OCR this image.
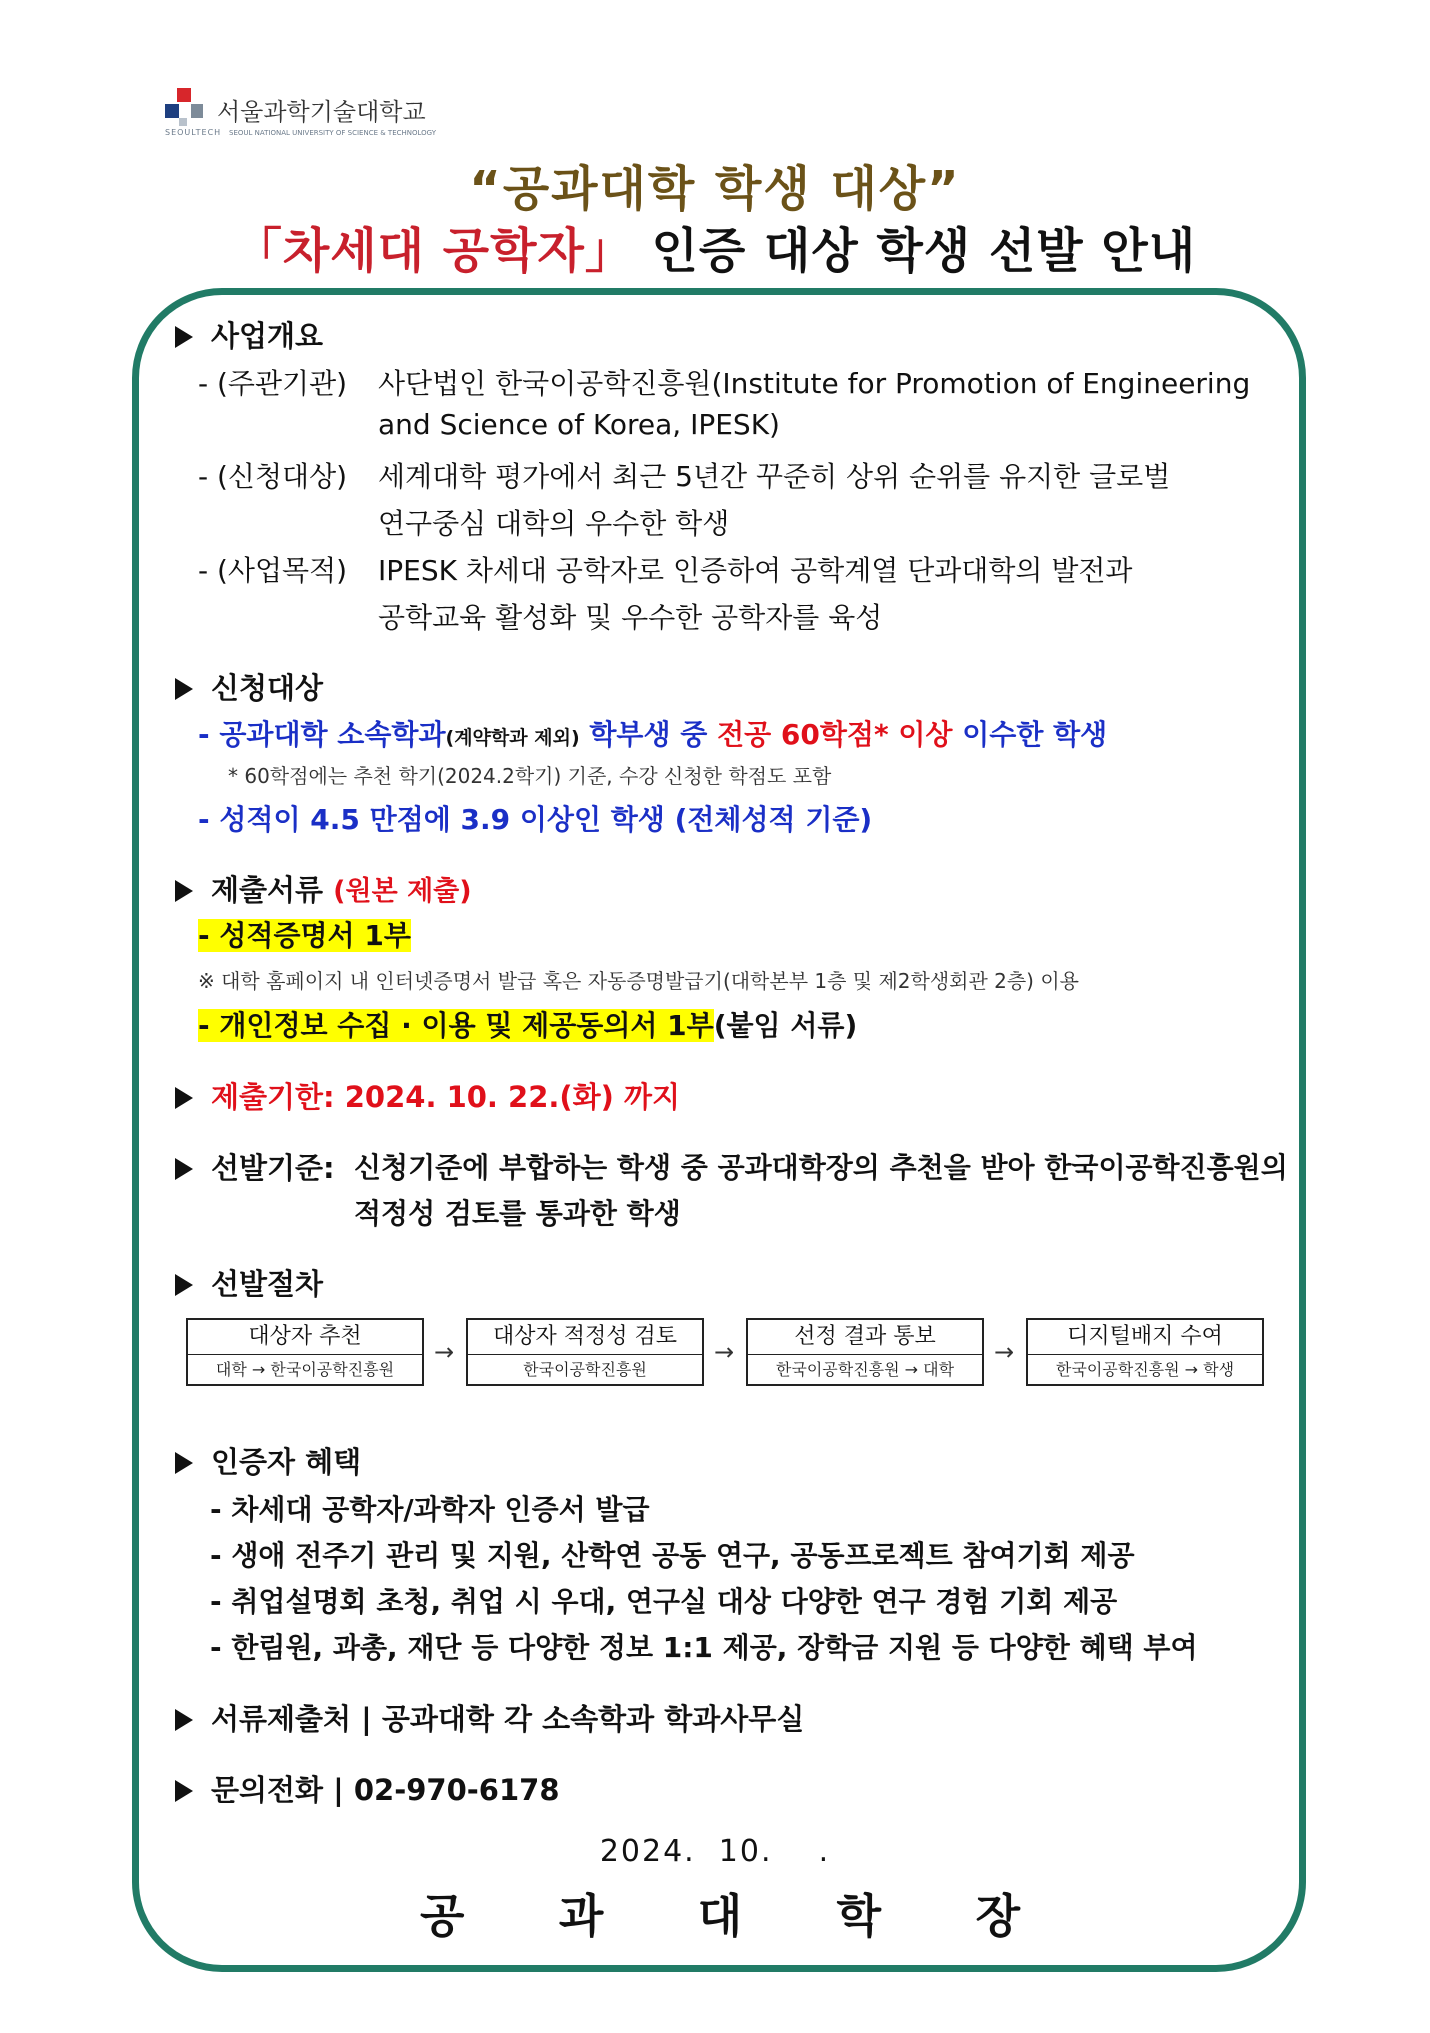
서울과학기술대학교
SEOULTECH SEOUL NATIONAL UNIVERSITY OF SCIENCE & TECHNOLOGY
“공과대학 학생 대상”
「차세대 공학자」 인증 대상 학생 선발 안내
사업개요
- (주관기관) 사단법인 한국이공학진흥원(Institute for Promotion of Engineering
and Science of Korea, IPESK)
- (신청대상) 세계대학 평가에서 최근 5년간 꾸준히 상위 순위를 유지한 글로벌
연구중심 대학의 우수한 학생
- (사업목적) IPESK 차세대 공학자로 인증하여 공학계열 단과대학의 발전과
공학교육 활성화 및 우수한 공학자를 육성
신청대상
- 공과대학 소속학과(계약학과 제외) 학부생 중 전공 60학점* 이상 이수한 학생
* 60학점에는 추천 학기(2024.2학기) 기준, 수강 신청한 학점도 포함
- 성적이 4.5 만점에 3.9 이상인 학생 (전체성적 기준)
제출서류 (원본 제출)
- 성적증명서 1부
※ 대학 홈페이지 내 인터넷증명서 발급 혹은 자동증명발급기(대학본부 1층 및 제2학생회관 2층) 이용
- 개인정보 수집 · 이용 및 제공동의서 1부(붙임 서류)
제출기한: 2024. 10. 22.(화) 까지
선발기준: 신청기준에 부합하는 학생 중 공과대학장의 추천을 받아 한국이공학진흥원의
적정성 검토를 통과한 학생
선발절차
대상자 추천
대학 → 한국이공학진흥원
→
대상자 적정성 검토
한국이공학진흥원
→
선정 결과 통보
한국이공학진흥원 → 대학
→
디지털배지 수여
한국이공학진흥원 → 학생
인증자 혜택
- 차세대 공학자/과학자 인증서 발급
- 생애 전주기 관리 및 지원, 산학연 공동 연구, 공동프로젝트 참여기회 제공
- 취업설명회 초청, 취업 시 우대, 연구실 대상 다양한 연구 경험 기회 제공
- 한림원, 과총, 재단 등 다양한 정보 1:1 제공, 장학금 지원 등 다양한 혜택 부여
서류제출처 | 공과대학 각 소속학과 학과사무실
문의전화 | 02-970-6178
2024.  10.    .
공 과 대 학 장
